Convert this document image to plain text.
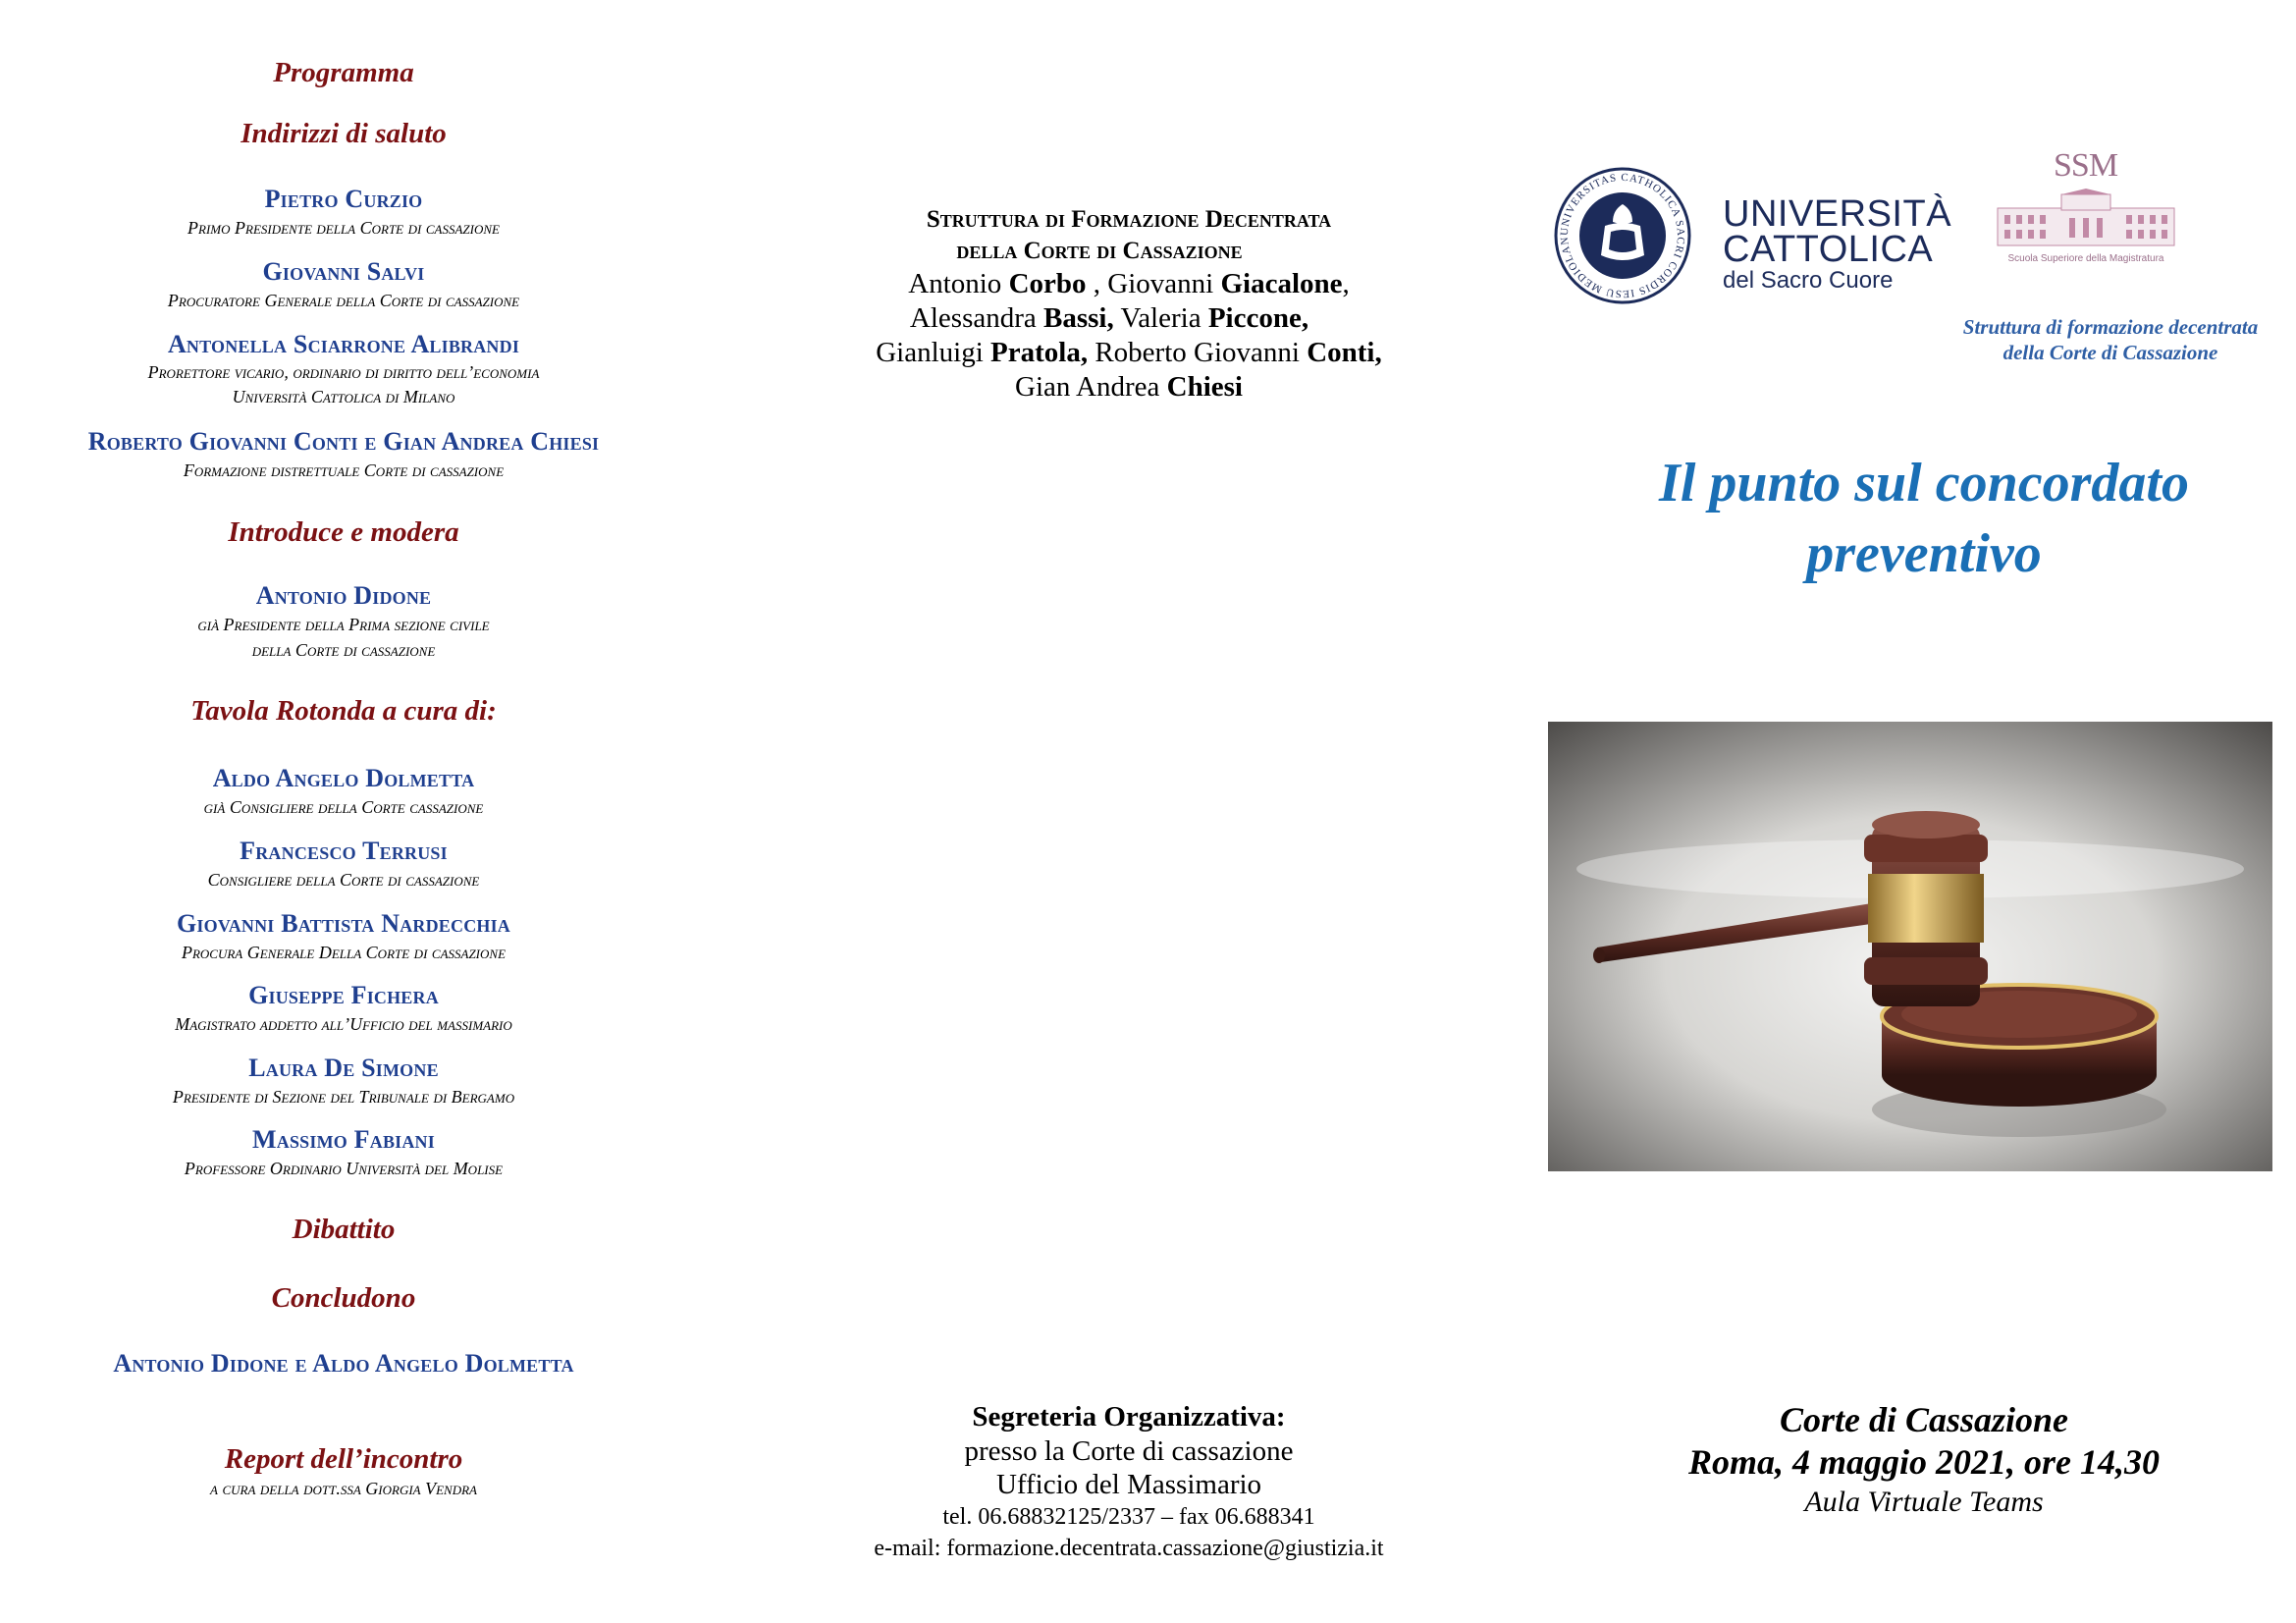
Programma
Indirizzi di saluto
Pietro Curzio
Primo Presidente della Corte di cassazione
Giovanni Salvi
Procuratore Generale della Corte di cassazione
Antonella Sciarrone Alibrandi
Prorettore vicario, ordinario di diritto dell’economia
Università Cattolica di Milano
Roberto Giovanni Conti e Gian Andrea Chiesi
Formazione distrettuale Corte di cassazione
Introduce e modera
Antonio Didone
già Presidente della Prima sezione civile
della Corte di cassazione
Tavola Rotonda a cura di:
Aldo Angelo Dolmetta
già Consigliere della Corte cassazione
Francesco Terrusi
Consigliere della Corte di cassazione
Giovanni Battista Nardecchia
Procura Generale Della Corte di cassazione
Giuseppe Fichera
Magistrato addetto all’Ufficio del massimario
Laura De Simone
Presidente di Sezione del Tribunale di Bergamo
Massimo Fabiani
Professore Ordinario Università del Molise
Dibattito
Concludono
Antonio Didone e Aldo Angelo Dolmetta
Report dell’incontro
a cura della dott.ssa Giorgia Vendra
Struttura di Formazione Decentrata
della Corte di Cassazione
Antonio Corbo , Giovanni Giacalone,
Alessandra Bassi, Valeria Piccone,
Gianluigi Pratola, Roberto Giovanni Conti,
Gian Andrea Chiesi
Segreteria Organizzativa:
presso la Corte di cassazione
Ufficio del Massimario
tel. 06.68832125/2337 – fax 06.688341
e-mail: formazione.decentrata.cassazione@giustizia.it
UNIVERSITAS CATHOLICA SACRI CORDIS IESU MEDIOLAN
UNIVERSITÀ
CATTOLICA
del Sacro Cuore
SSM
Scuola Superiore della Magistratura
Struttura di formazione decentrata
della Corte di Cassazione
Il punto sul concordato
preventivo
Corte di Cassazione
Roma, 4 maggio 2021, ore 14,30
Aula Virtuale Teams
